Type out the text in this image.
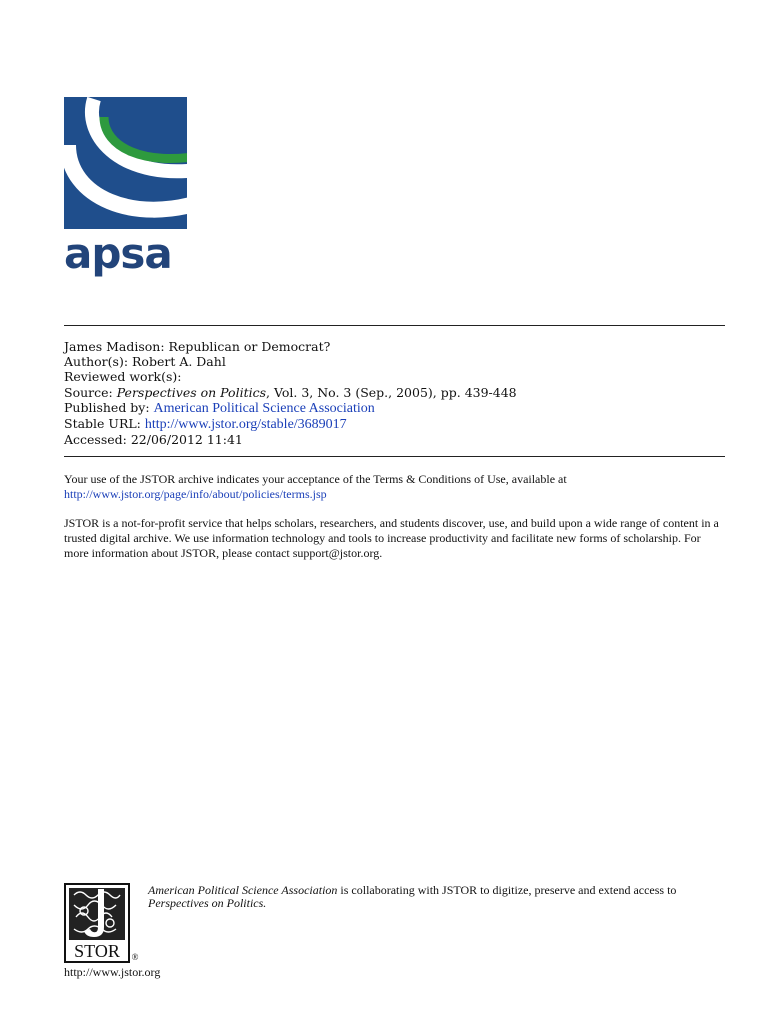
apsa
James Madison: Republican or Democrat?
Author(s): Robert A. Dahl
Reviewed work(s):
Source: Perspectives on Politics, Vol. 3, No. 3 (Sep., 2005), pp. 439-448
Published by: American Political Science Association
Stable URL: http://www.jstor.org/stable/3689017
Accessed: 22/06/2012 11:41
Your use of the JSTOR archive indicates your acceptance of the Terms & Conditions of Use, available at
http://www.jstor.org/page/info/about/policies/terms.jsp
JSTOR is a not-for-profit service that helps scholars, researchers, and students discover, use, and build upon a wide range of content in a trusted digital archive. We use information technology and tools to increase productivity and facilitate new forms of scholarship. For more information about JSTOR, please contact support@jstor.org.
STOR ®
American Political Science Association is collaborating with JSTOR to digitize, preserve and extend access to
Perspectives on Politics.
http://www.jstor.org
